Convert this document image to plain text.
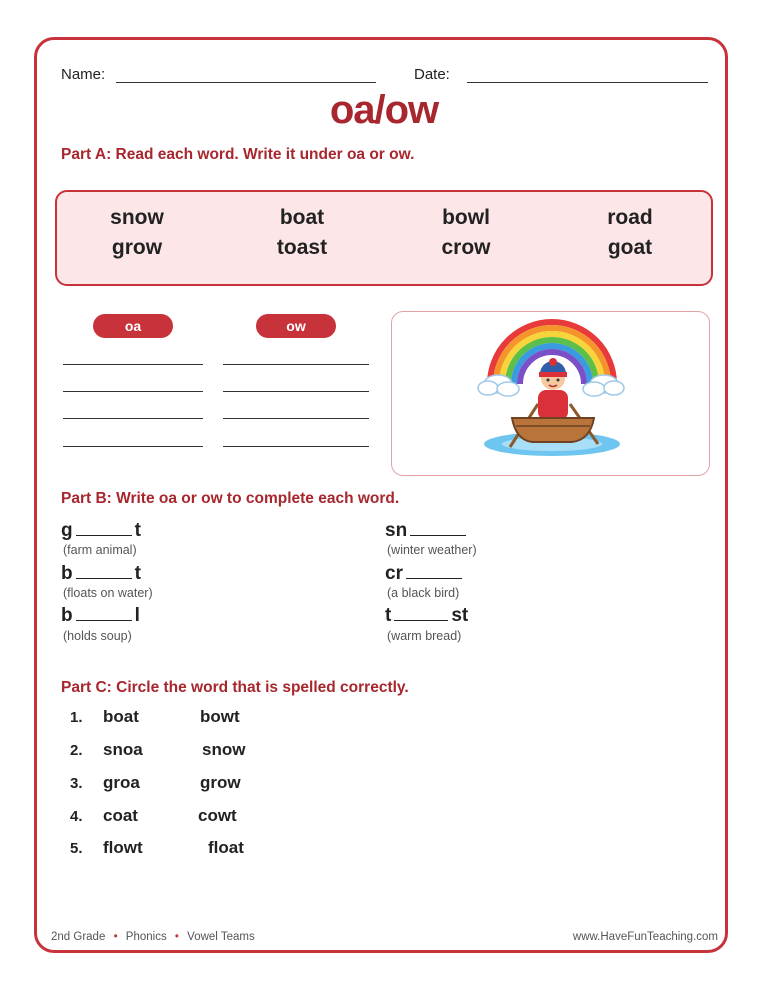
Name:	Date:
oa/ow
Part A: Read each word. Write it under oa or ow.
snow	boat	bowl	road
grow	toast	crow	goat
oa	ow
Part B: Write oa or ow to complete each word.
g	t
(farm animal)
sn
(winter weather)
b	t
(floats on water)
cr
(a black bird)
b	l
(holds soup)
t	st
(warm bread)
Part C: Circle the word that is spelled correctly.
1. boat	bowt
2. snoa	snow
3. groa	grow
4. coat	cowt
5. flowt	float
2nd Grade • Phonics • Vowel Teams	www.HaveFunTeaching.com
